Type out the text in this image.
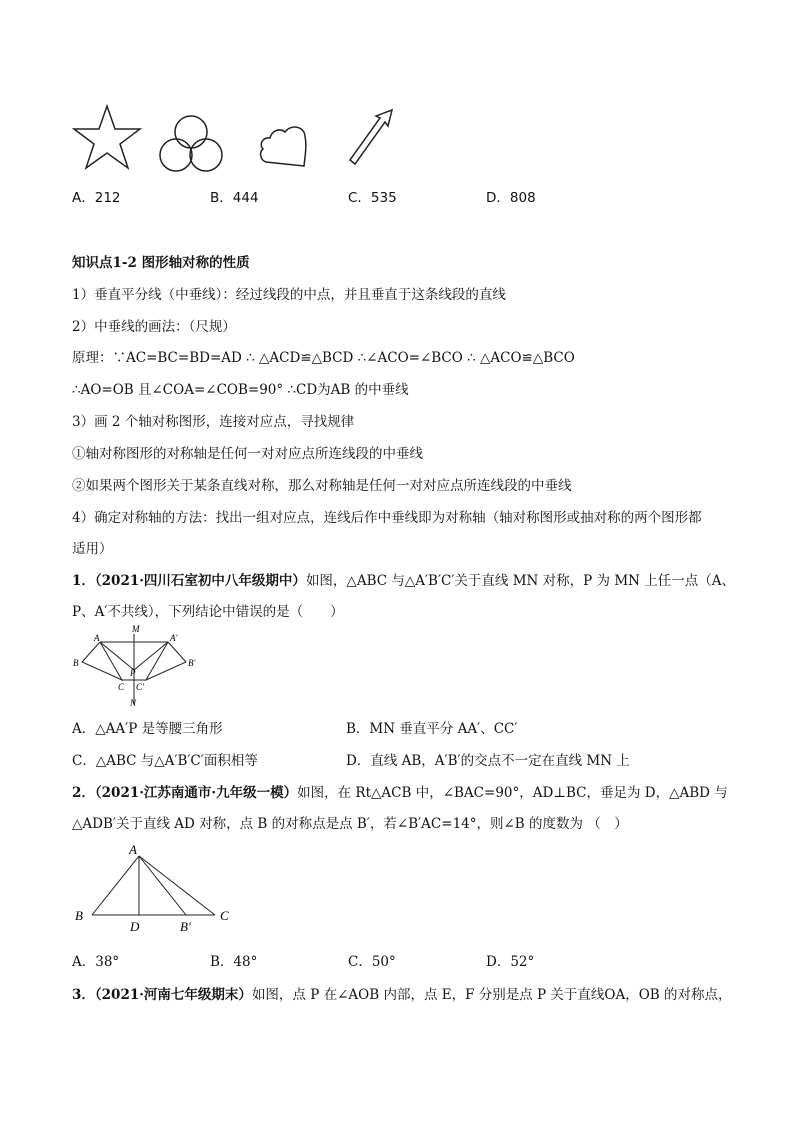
A．212	B．444	C．535	D．808
知识点1-2 图形轴对称的性质
1）垂直平分线（中垂线）：经过线段的中点，并且垂直于这条线段的直线
2）中垂线的画法：（尺规）
原理：∵AC=BC=BD=AD ∴ △ACD≌△BCD ∴∠ACO=∠BCO ∴ △ACO≌△BCO
∴AO=OB 且∠COA=∠COB=90° ∴CD为AB 的中垂线
3）画 2 个轴对称图形，连接对应点，寻找规律
①轴对称图形的对称轴是任何一对对应点所连线段的中垂线
②如果两个图形关于某条直线对称，那么对称轴是任何一对对应点所连线段的中垂线
4）确定对称轴的方法：找出一组对应点，连线后作中垂线即为对称轴（轴对称图形或抽对称的两个图形都
适用）
1．（2021·四川石室初中八年级期中）如图，△ABC 与△A′B′C′关于直线 MN 对称，P 为 MN 上任一点（A、
P、A′不共线），下列结论中错误的是（　　）
M
A	A′
B	B′
P
C C′
N
A．△AA′P 是等腰三角形	B．MN 垂直平分 AA′、CC′
C．△ABC 与△A′B′C′面积相等	D．直线 AB，A′B′的交点不一定在直线 MN 上
2．（2021·江苏南通市·九年级一模）如图，在 Rt△ACB 中，∠BAC=90°，AD⊥BC，垂足为 D，△ABD 与
△ADB′关于直线 AD 对称，点 B 的对称点是点 B′，若∠B′AC=14°，则∠B 的度数为 （　）
A
B
D	B′
C
A．38°	B．48°	C．50°	D．52°
3．（2021·河南七年级期末）如图，点 P 在∠AOB 内部，点 E，F 分别是点 P 关于直线OA，OB 的对称点，
